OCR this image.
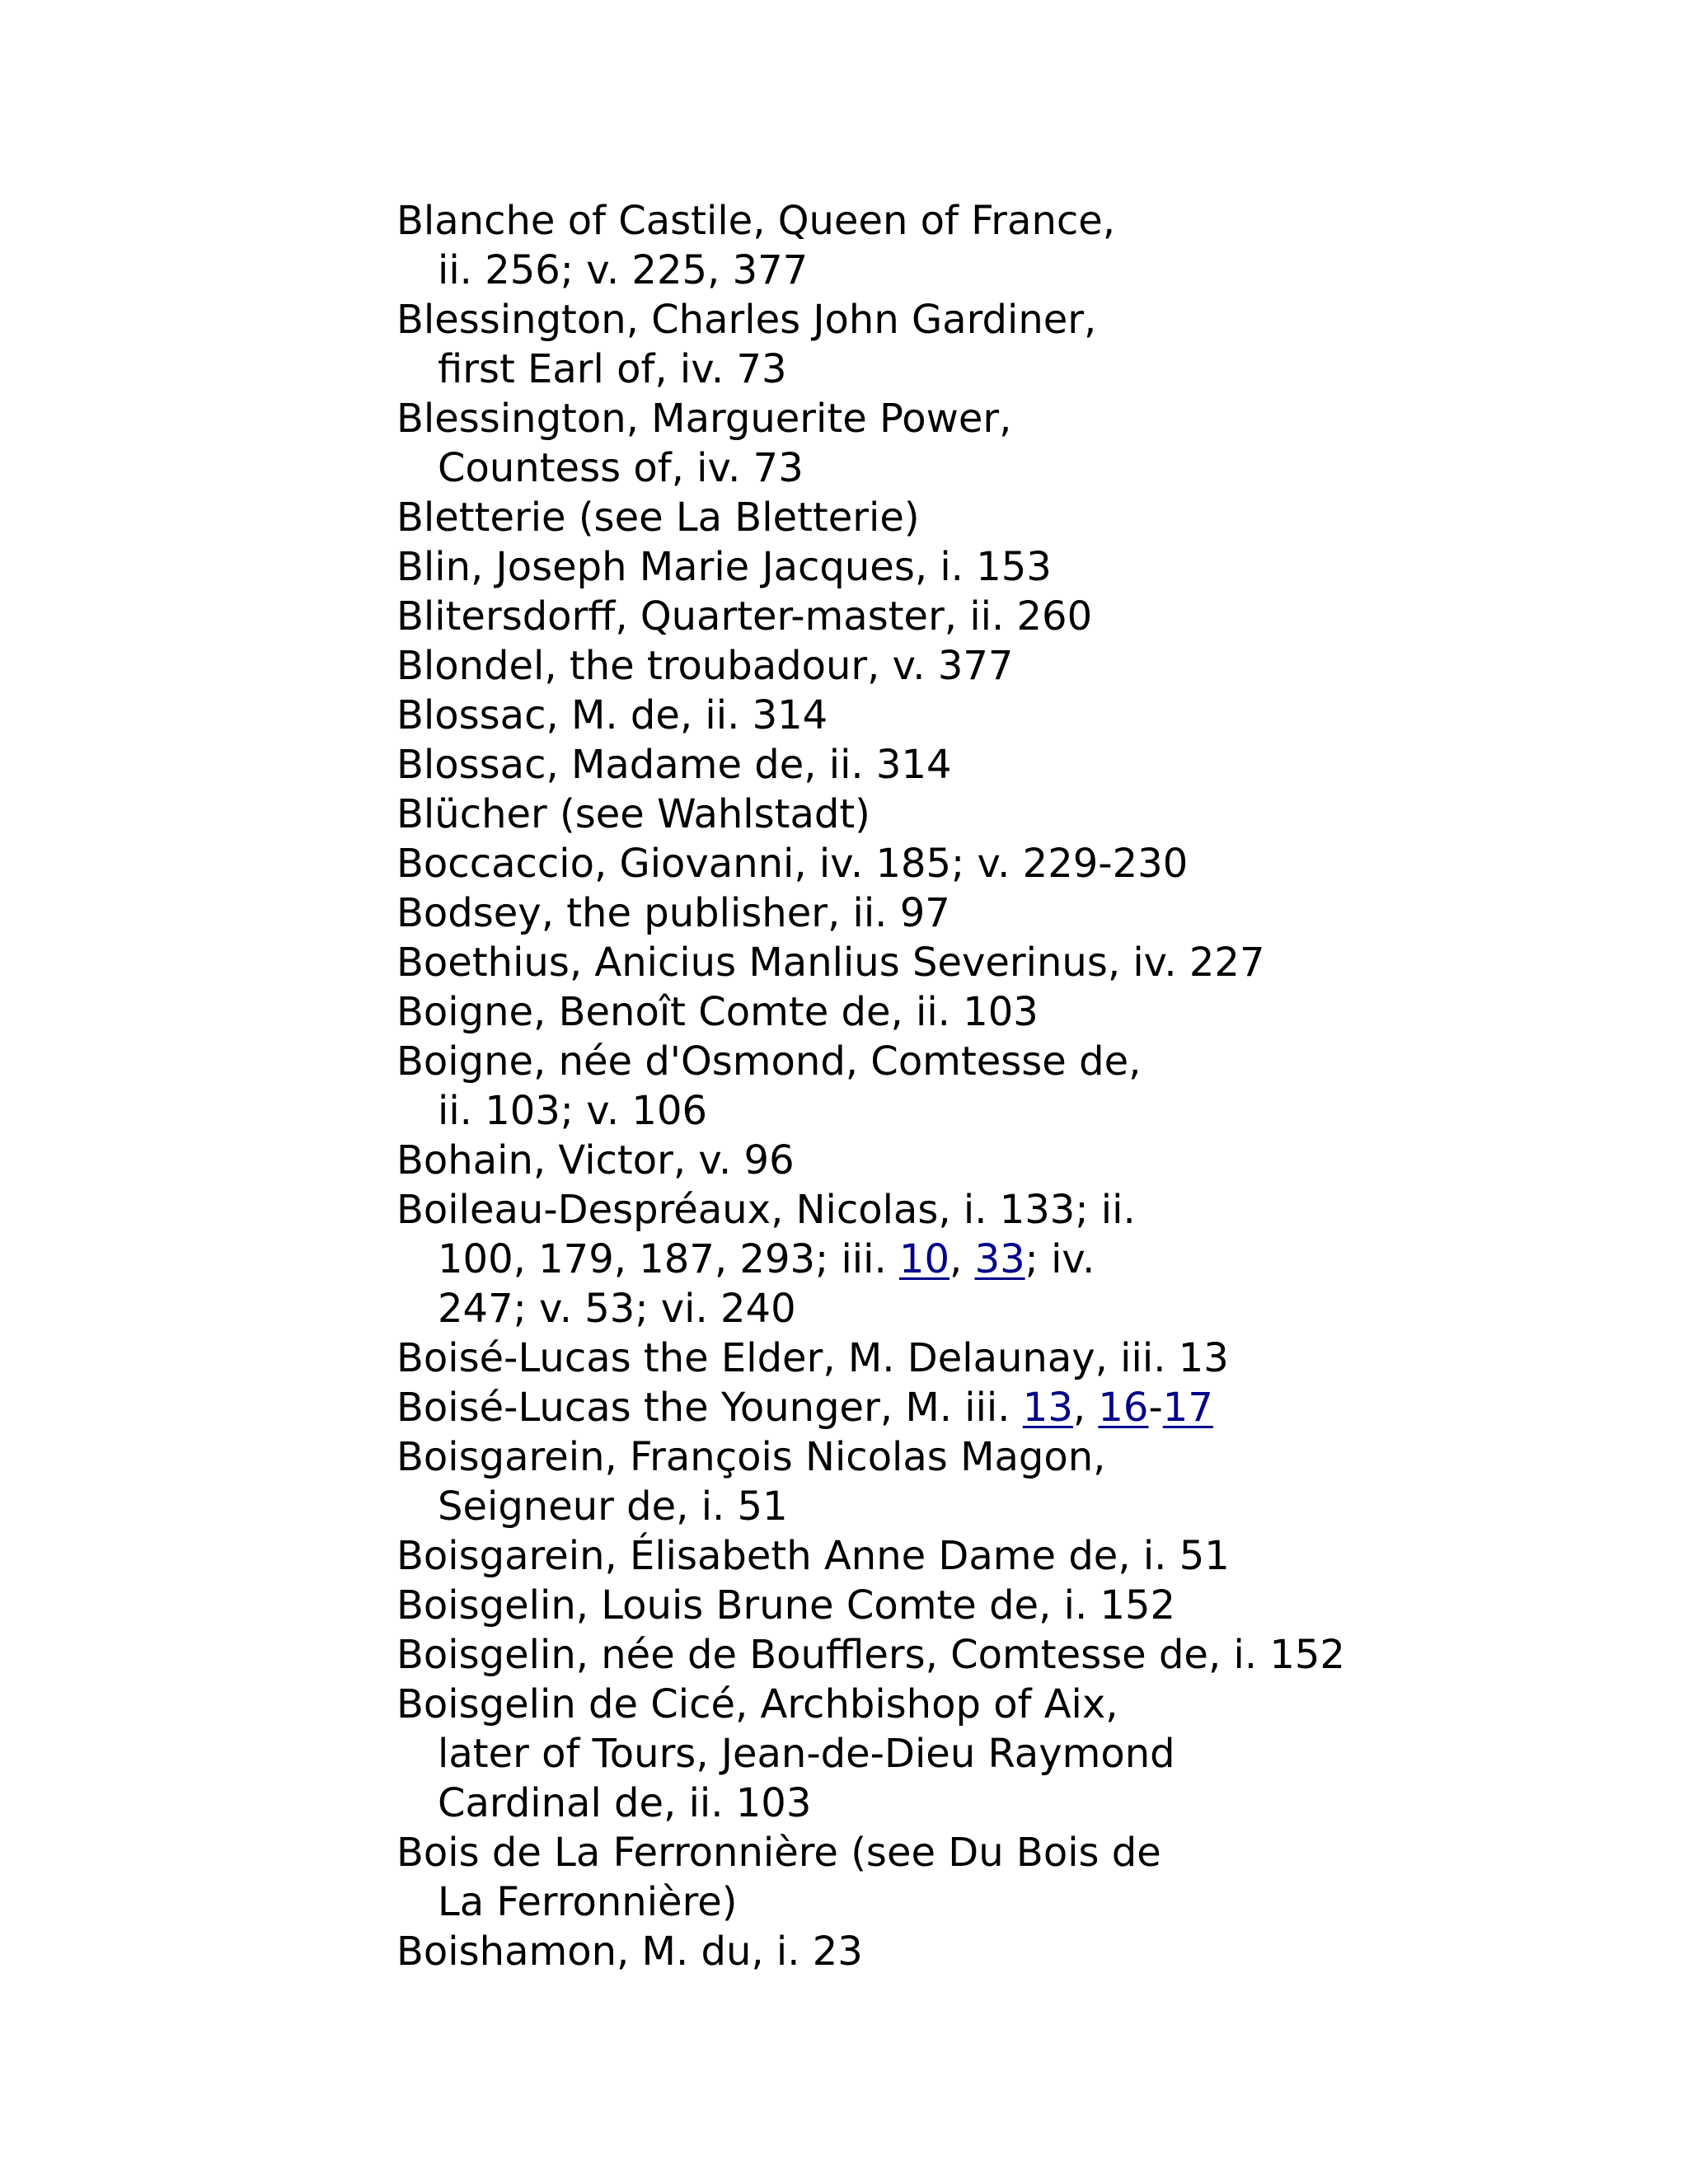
Blanche of Castile, Queen of France,
ii. 256; v. 225, 377
Blessington, Charles John Gardiner,
first Earl of, iv. 73
Blessington, Marguerite Power,
Countess of, iv. 73
Bletterie (see La Bletterie)
Blin, Joseph Marie Jacques, i. 153
Blitersdorff, Quarter-master, ii. 260
Blondel, the troubadour, v. 377
Blossac, M. de, ii. 314
Blossac, Madame de, ii. 314
Blücher (see Wahlstadt)
Boccaccio, Giovanni, iv. 185; v. 229-230
Bodsey, the publisher, ii. 97
Boethius, Anicius Manlius Severinus, iv. 227
Boigne, Benoît Comte de, ii. 103
Boigne, née d'Osmond, Comtesse de,
ii. 103; v. 106
Bohain, Victor, v. 96
Boileau-Despréaux, Nicolas, i. 133; ii.
100, 179, 187, 293; iii. 10, 33; iv.
247; v. 53; vi. 240
Boisé-Lucas the Elder, M. Delaunay, iii. 13
Boisé-Lucas the Younger, M. iii. 13, 16-17
Boisgarein, François Nicolas Magon,
Seigneur de, i. 51
Boisgarein, Élisabeth Anne Dame de, i. 51
Boisgelin, Louis Brune Comte de, i. 152
Boisgelin, née de Boufflers, Comtesse de, i. 152
Boisgelin de Cicé, Archbishop of Aix,
later of Tours, Jean-de-Dieu Raymond
Cardinal de, ii. 103
Bois de La Ferronnière (see Du Bois de
La Ferronnière)
Boishamon, M. du, i. 23
